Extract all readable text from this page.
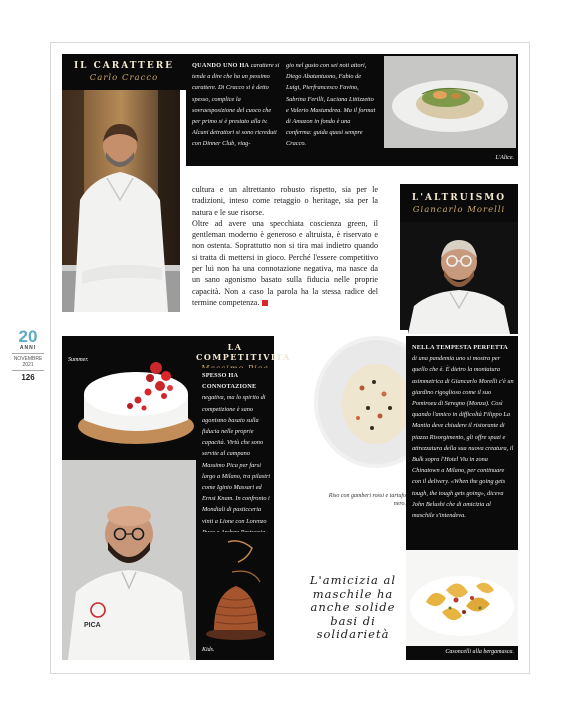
20
ANNI
NOVEMBRE
2021
126
IL CARATTERE
Carlo Cracco
QUANDO UNO HA carattere si tende a dire che ha un pessimo carattere. Di Cracco si è detto spesso, complice la sovraesposizione del cuoco che per primo si è prestato alla tv. Alcuni detrattori si sono ricreduti con Dinner Club, viag-
gio nel gusto con sei noti attori, Diego Abatantuono, Fabio de Luigi, Pierfrancesco Favino, Sabrina Ferilli, Luciana Littizzetto e Valerio Mastandrea. Ma il format di Amazon in fondo è una conferma: guida quasi sempre Cracco.
L'Alice.
cultura e un altrettanto robusto rispetto, sia per le tradizioni, inteso come retaggio o heritage, sia per la natura e le sue risorse.
Oltre ad avere una specchiata coscienza green, il gentleman moderno è generoso e altruista, è riservato e non ostenta. Soprattutto non si tira mai indietro quando si tratta di mettersi in gioco. Perché l'essere competitivo per lui non ha una connotazione negativa, ma nasce da un sano agonismo basato sulla fiducia nelle proprie capacità. Non a caso la parola ha la stessa radice del termine competenza.
L'ALTRUISMO
Giancarlo Morelli
Summer.
LA COMPETITIVITÀ
SPESSO HA CONNOTAZIONE negativa, ma lo spirito di competizione è sano agonismo basato sulla fiducia nelle proprie capacità. Virtù che sono servite al campano Massimo Pica per farsi largo a Milano, tra pilastri come Iginio Massari ed Ernst Knam. In confronto i Mondiali di pasticceria vinti a Lione con Lorenzo
Kids.
PICA
Riso con gamberi rossi e tartufo nero.
NELLA TEMPESTA PERFETTA di una pandemia uno si mostra per quello che è. È dietro la montatura asimmetrica di Giancarlo Morelli c'è un giardino rigoglioso come il suo Pomiroeu di Seregno (Monza). Così quando l'amico in difficoltà Filippo La Mantia deve chiudere il ristorante di piazza Risorgimento, gli offre spazi e attrezzatura della sua nuova creatura, il Bulk sopra l'Hotel Viu in zona Chinatown a Milano, per continuare con il delivery. «When the going gets tough, the tough gets going», diceva John Belushi che di amicizia al maschile s'intendeva.
Casoncelli alla bergamasca.
L'amicizia al maschile ha anche solide basi di solidarietà
